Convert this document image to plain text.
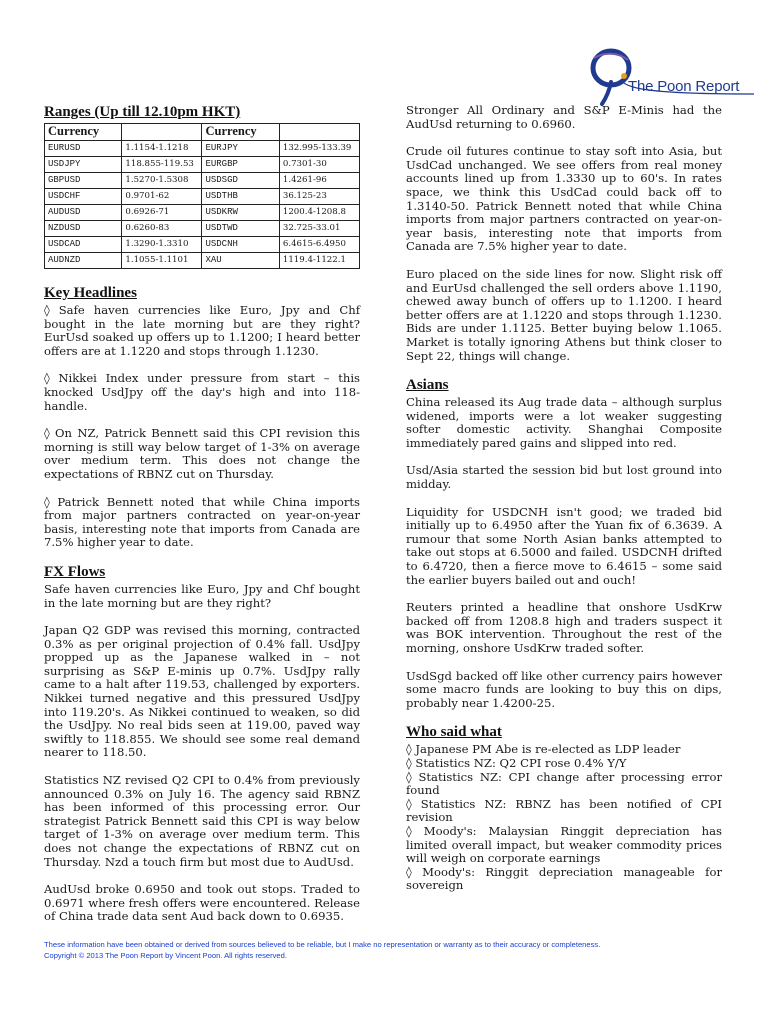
The Poon Report
Ranges (Up till 12.10pm HKT)
Currency		Currency	
EURUSD	1.1154-1.1218	EURJPY	132.995-133.39
USDJPY	118.855-119.53	EURGBP	0.7301-30
GBPUSD	1.5270-1.5308	USDSGD	1.4261-96
USDCHF	0.9701-62	USDTHB	36.125-23
AUDUSD	0.6926-71	USDKRW	1200.4-1208.8
NZDUSD	0.6260-83	USDTWD	32.725-33.01
USDCAD	1.3290-1.3310	USDCNH	6.4615-6.4950
AUDNZD	1.1055-1.1101	XAU	1119.4-1122.1
Key Headlines

◊ Safe haven currencies like Euro, Jpy and Chf bought in the late morning but are they right? EurUsd soaked up offers up to 1.1200; I heard better offers are at 1.1220 and stops through 1.1230.

◊ Nikkei Index under pressure from start – this knocked UsdJpy off the day's high and into 118-handle.

◊ On NZ, Patrick Bennett said this CPI revision this morning is still way below target of 1-3% on average over medium term. This does not change the expectations of RBNZ cut on Thursday.

◊ Patrick Bennett noted that while China imports from major partners contracted on year-on-year basis, interesting note that imports from Canada are 7.5% higher year to date.

FX Flows

Safe haven currencies like Euro, Jpy and Chf bought in the late morning but are they right?

Japan Q2 GDP was revised this morning, contracted 0.3% as per original projection of 0.4% fall. UsdJpy propped up as the Japanese walked in – not surprising as S&P E-minis up 0.7%. UsdJpy rally came to a halt after 119.53, challenged by exporters. Nikkei turned negative and this pressured UsdJpy into 119.20's. As Nikkei continued to weaken, so did the UsdJpy. No real bids seen at 119.00, paved way swiftly to 118.855. We should see some real demand nearer to 118.50.

Statistics NZ revised Q2 CPI to 0.4% from previously announced 0.3% on July 16. The agency said RBNZ has been informed of this processing error. Our strategist Patrick Bennett said this CPI is way below target of 1-3% on average over medium term. This does not change the expectations of RBNZ cut on Thursday. Nzd a touch firm but most due to AudUsd.

AudUsd broke 0.6950 and took out stops. Traded to 0.6971 where fresh offers were encountered. Release of China trade data sent Aud back down to 0.6935.

Stronger All Ordinary and S&P E-Minis had the AudUsd returning to 0.6960.

Crude oil futures continue to stay soft into Asia, but UsdCad unchanged. We see offers from real money accounts lined up from 1.3330 up to 60's. In rates space, we think this UsdCad could back off to 1.3140-50. Patrick Bennett noted that while China imports from major partners contracted on year-on-year basis, interesting note that imports from Canada are 7.5% higher year to date.

Euro placed on the side lines for now. Slight risk off and EurUsd challenged the sell orders above 1.1190, chewed away bunch of offers up to 1.1200. I heard better offers are at 1.1220 and stops through 1.1230. Bids are under 1.1125. Better buying below 1.1065. Market is totally ignoring Athens but think closer to Sept 22, things will change.

Asians

China released its Aug trade data – although surplus widened, imports were a lot weaker suggesting softer domestic activity. Shanghai Composite immediately pared gains and slipped into red.

Usd/Asia started the session bid but lost ground into midday.

Liquidity for USDCNH isn't good; we traded bid initially up to 6.4950 after the Yuan fix of 6.3639. A rumour that some North Asian banks attempted to take out stops at 6.5000 and failed. USDCNH drifted to 6.4720, then a fierce move to 6.4615 – some said the earlier buyers bailed out and ouch!

Reuters printed a headline that onshore UsdKrw backed off from 1208.8 high and traders suspect it was BOK intervention. Throughout the rest of the morning, onshore UsdKrw traded softer.

UsdSgd backed off like other currency pairs however some macro funds are looking to buy this on dips, probably near 1.4200-25.

Who said what

◊ Japanese PM Abe is re-elected as LDP leader

◊ Statistics NZ: Q2 CPI rose 0.4% Y/Y

◊ Statistics NZ: CPI change after processing error found

◊ Statistics NZ: RBNZ has been notified of CPI revision

◊ Moody's: Malaysian Ringgit depreciation has limited overall impact, but weaker commodity prices will weigh on corporate earnings

◊ Moody's: Ringgit depreciation manageable for sovereign

These information have been obtained or derived from sources believed to be reliable, but I make no representation or warranty as to their accuracy or completeness.
Copyright © 2013 The Poon Report by Vincent Poon. All rights reserved.
